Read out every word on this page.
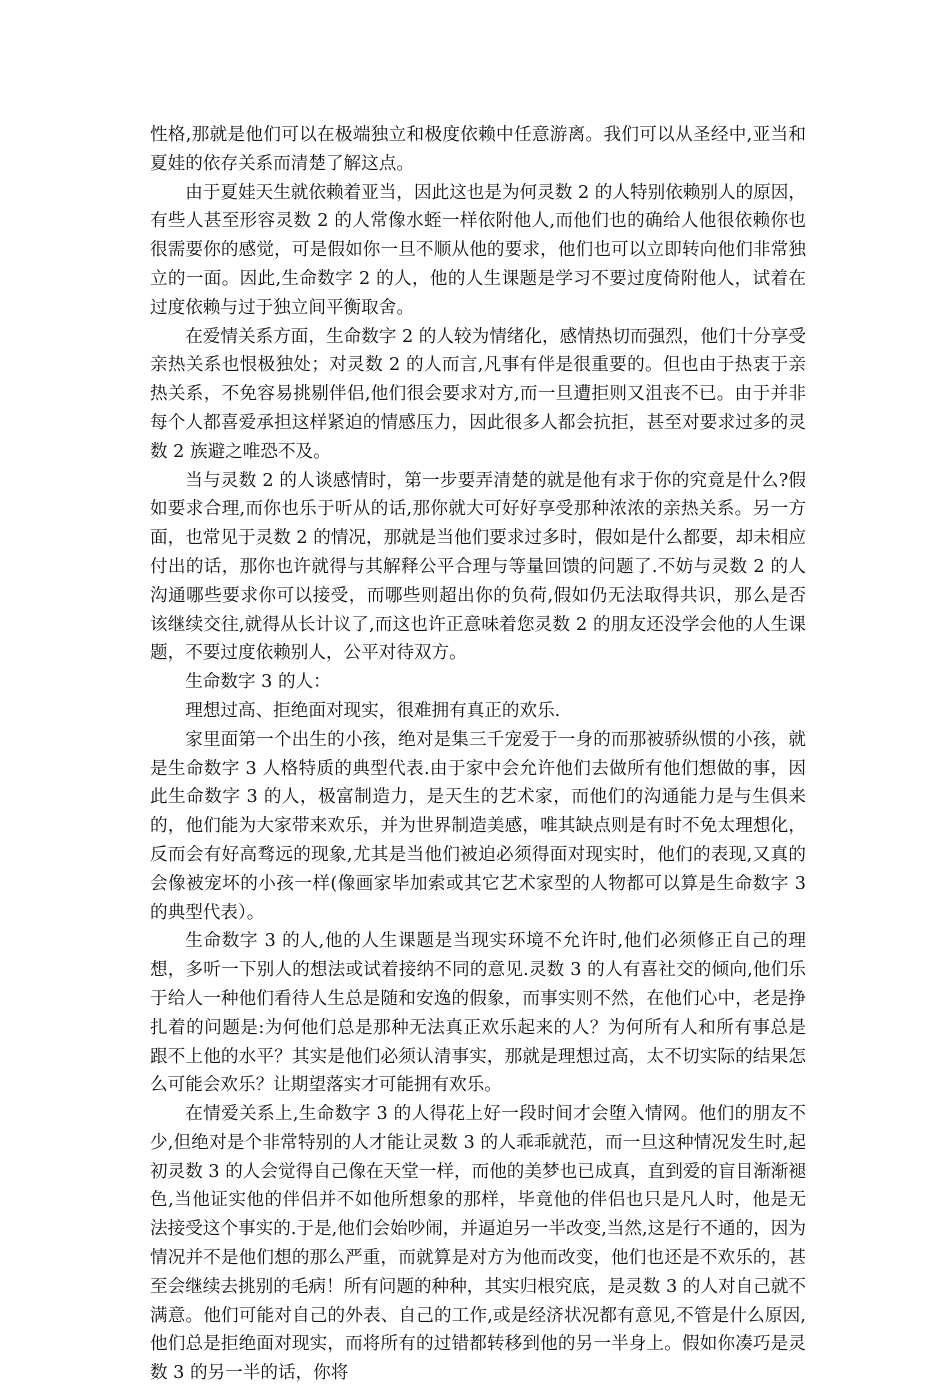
性格,那就是他们可以在极端独立和极度依赖中任意游离。我们可以从圣经中,亚当和夏娃的依存关系而清楚了解这点。

由于夏娃天生就依赖着亚当，因此这也是为何灵数 2 的人特别依赖别人的原因，有些人甚至形容灵数 2 的人常像水蛭一样依附他人,而他们也的确给人他很依赖你也很需要你的感觉，可是假如你一旦不顺从他的要求，他们也可以立即转向他们非常独立的一面。因此,生命数字 2 的人，他的人生课题是学习不要过度倚附他人，试着在过度依赖与过于独立间平衡取舍。

在爱情关系方面，生命数字 2 的人较为情绪化，感情热切而强烈，他们十分享受亲热关系也恨极独处；对灵数 2 的人而言,凡事有伴是很重要的。但也由于热衷于亲热关系，不免容易挑剔伴侣,他们很会要求对方,而一旦遭拒则又沮丧不已。由于并非每个人都喜爱承担这样紧迫的情感压力，因此很多人都会抗拒，甚至对要求过多的灵数 2 族避之唯恐不及。

当与灵数 2 的人谈感情时，第一步要弄清楚的就是他有求于你的究竟是什么?假如要求合理,而你也乐于听从的话,那你就大可好好享受那种浓浓的亲热关系。另一方面，也常见于灵数 2 的情况，那就是当他们要求过多时，假如是什么都要，却未相应付出的话，那你也许就得与其解释公平合理与等量回馈的问题了.不妨与灵数 2 的人沟通哪些要求你可以接受，而哪些则超出你的负荷,假如仍无法取得共识，那么是否该继续交往,就得从长计议了,而这也许正意味着您灵数 2 的朋友还没学会他的人生课题，不要过度依赖别人，公平对待双方。

生命数字 3 的人：

理想过高、拒绝面对现实，很难拥有真正的欢乐.

家里面第一个出生的小孩，绝对是集三千宠爱于一身的而那被骄纵惯的小孩，就是生命数字 3 人格特质的典型代表.由于家中会允许他们去做所有他们想做的事，因此生命数字 3 的人，极富制造力，是天生的艺术家，而他们的沟通能力是与生俱来的，他们能为大家带来欢乐，并为世界制造美感，唯其缺点则是有时不免太理想化，反而会有好高骛远的现象,尤其是当他们被迫必须得面对现实时，他们的表现,又真的会像被宠坏的小孩一样(像画家毕加索或其它艺术家型的人物都可以算是生命数字 3 的典型代表）。

生命数字 3 的人,他的人生课题是当现实环境不允许时,他们必须修正自己的理想，多听一下别人的想法或试着接纳不同的意见.灵数 3 的人有喜社交的倾向,他们乐于给人一种他们看待人生总是随和安逸的假象，而事实则不然，在他们心中，老是挣扎着的问题是:为何他们总是那种无法真正欢乐起来的人？为何所有人和所有事总是跟不上他的水平？其实是他们必须认清事实，那就是理想过高，太不切实际的结果怎么可能会欢乐？让期望落实才可能拥有欢乐。

在情爱关系上,生命数字 3 的人得花上好一段时间才会堕入情网。他们的朋友不少,但绝对是个非常特别的人才能让灵数 3 的人乖乖就范，而一旦这种情况发生时,起初灵数 3 的人会觉得自己像在天堂一样，而他的美梦也已成真，直到爱的盲目渐渐褪色,当他证实他的伴侣并不如他所想象的那样，毕竟他的伴侣也只是凡人时，他是无法接受这个事实的.于是,他们会始吵闹，并逼迫另一半改变,当然,这是行不通的，因为情况并不是他们想的那么严重，而就算是对方为他而改变，他们也还是不欢乐的，甚至会继续去挑别的毛病！所有问题的种种，其实归根究底，是灵数 3 的人对自己就不满意。他们可能对自己的外表、自己的工作,或是经济状况都有意见,不管是什么原因,他们总是拒绝面对现实，而将所有的过错都转移到他的另一半身上。假如你凑巧是灵数 3 的另一半的话，你将
